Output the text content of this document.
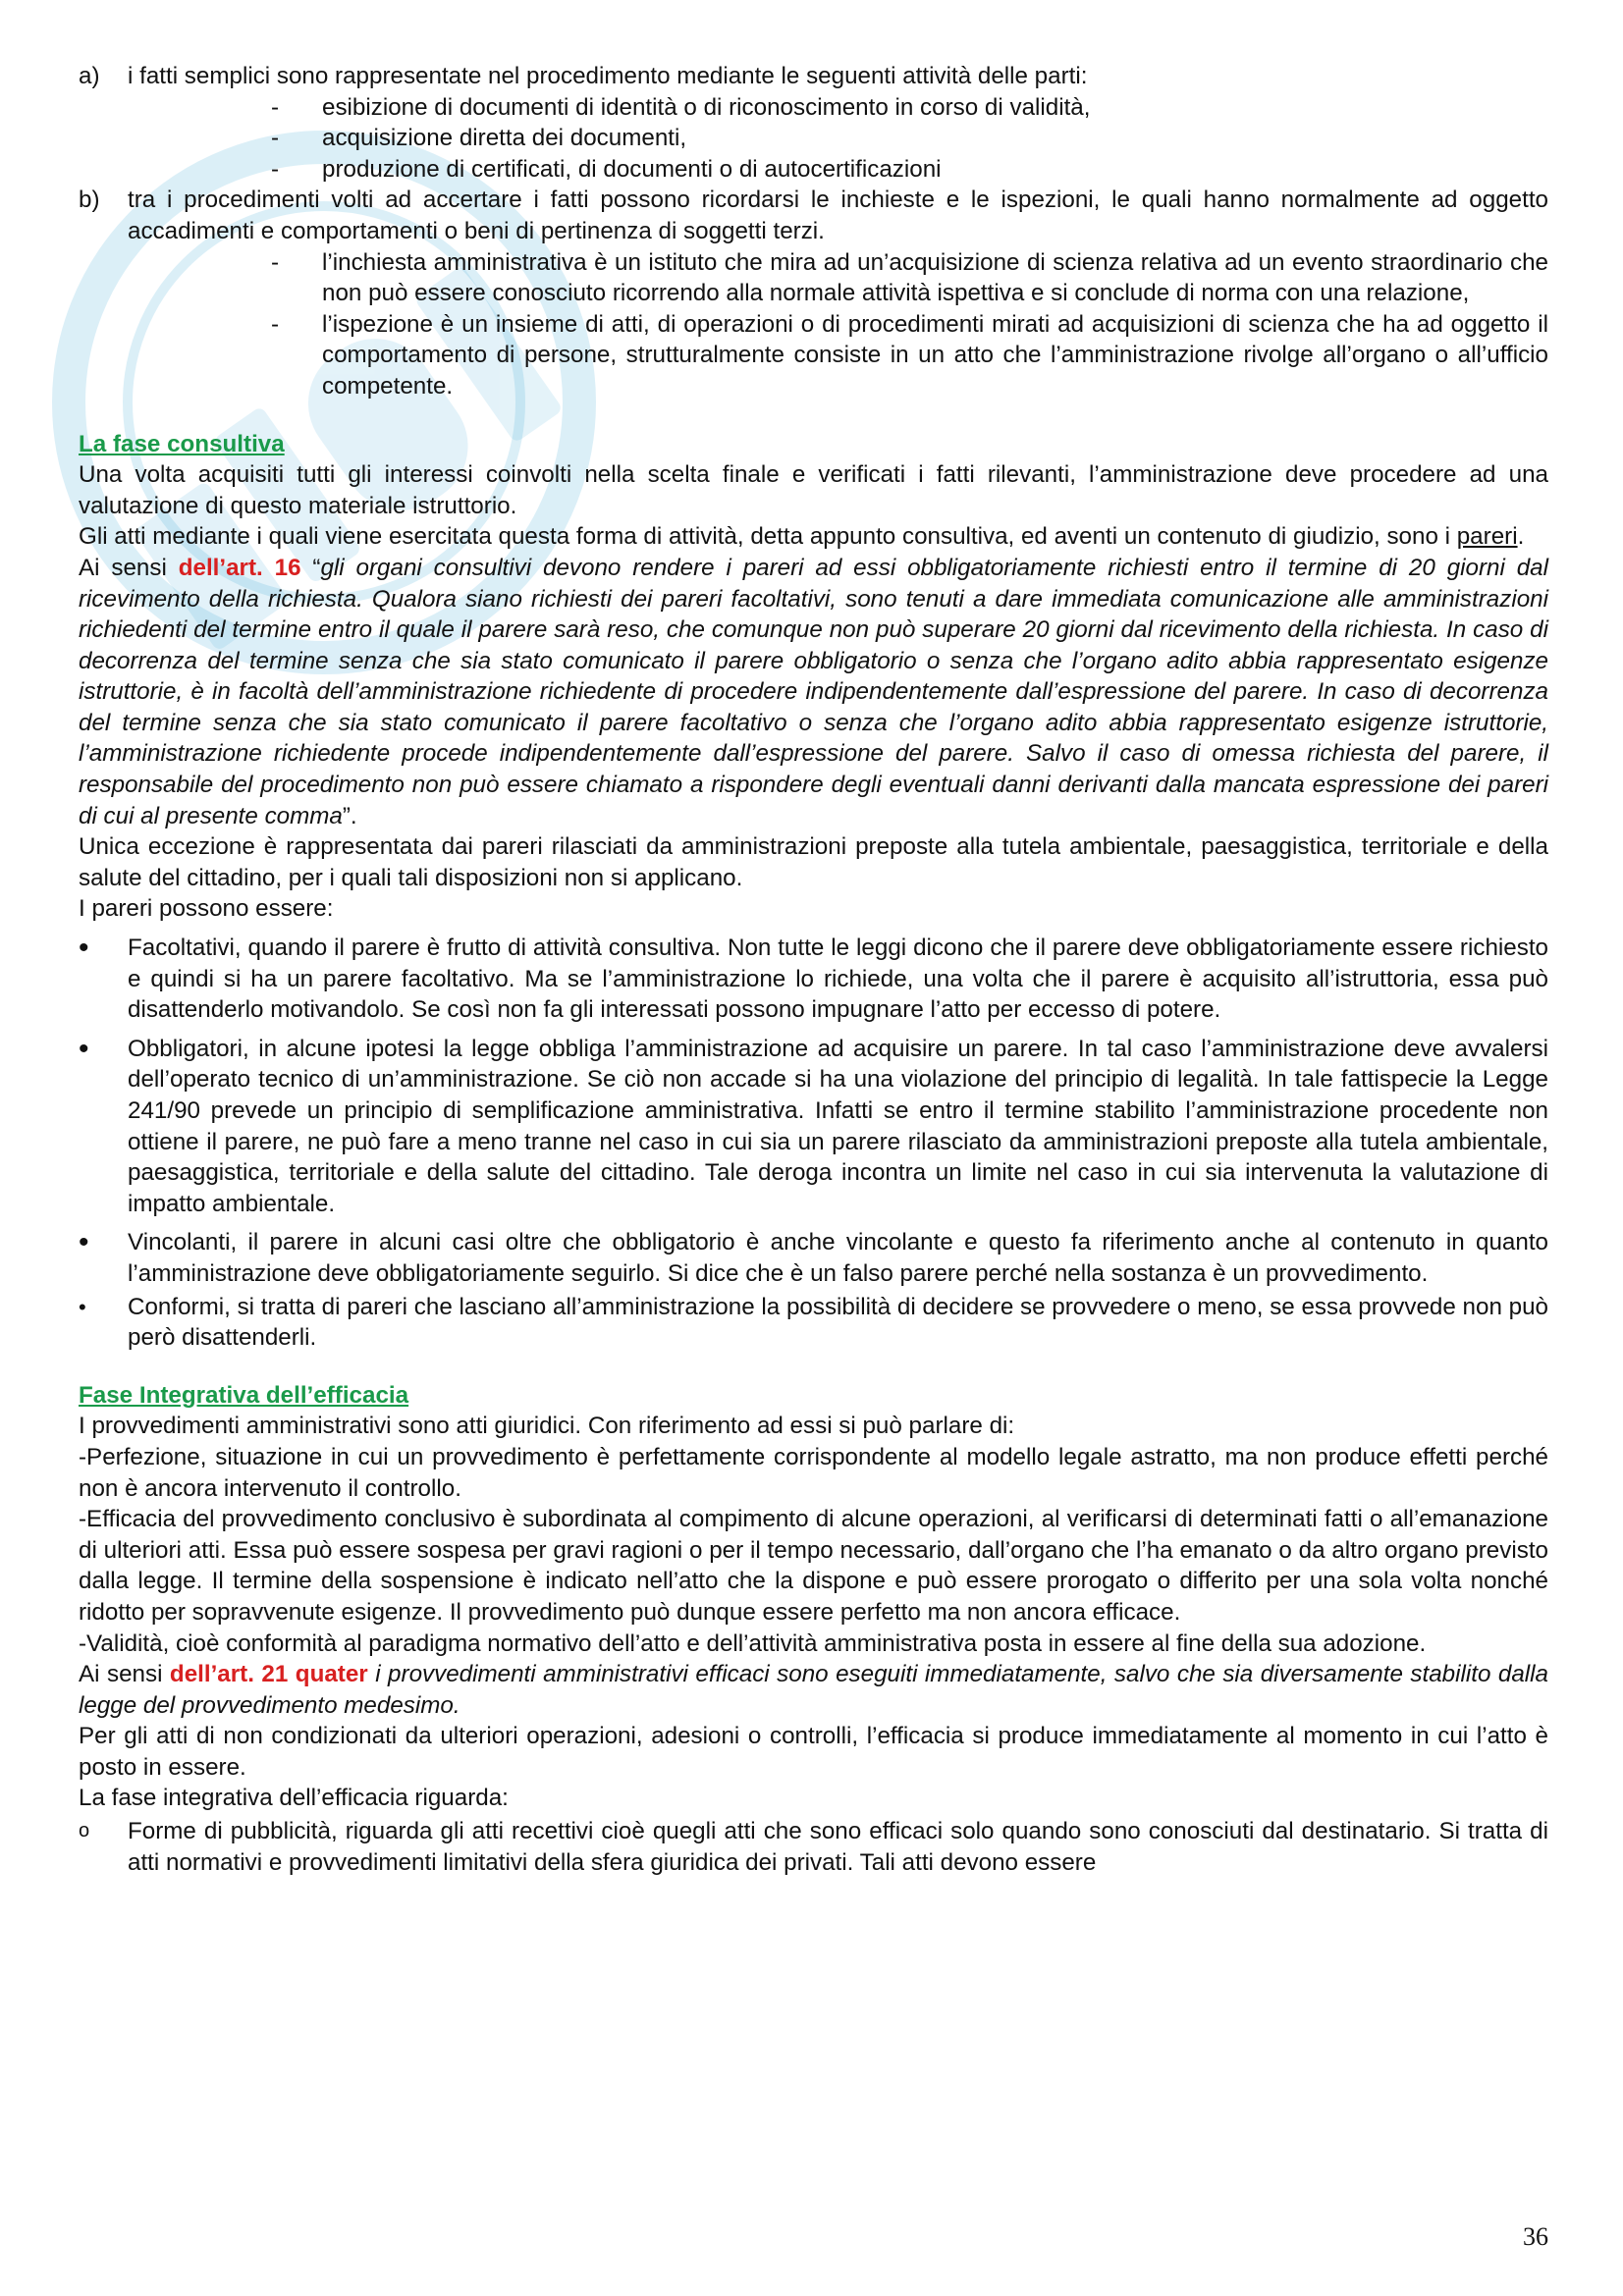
a)	i fatti semplici sono rappresentate nel procedimento mediante le seguenti attività delle parti:
-	esibizione di documenti di identità o di riconoscimento in corso di validità,
-	acquisizione diretta dei documenti,
-	produzione di certificati, di documenti o di autocertificazioni
b)	tra i procedimenti volti ad accertare i fatti possono ricordarsi le inchieste e le ispezioni, le quali hanno normalmente ad oggetto accadimenti e comportamenti o beni di pertinenza di soggetti terzi.
-	l’inchiesta amministrativa è un istituto che mira ad un’acquisizione di scienza relativa ad un evento straordinario che non può essere conosciuto ricorrendo alla normale attività ispettiva e si conclude di norma con una relazione,
-	l’ispezione è un insieme di atti, di operazioni o di procedimenti mirati ad acquisizioni di scienza che ha ad oggetto il comportamento di persone, strutturalmente consiste in un atto che l’amministrazione rivolge all’organo o all’ufficio competente.

La fase consultiva

Una volta acquisiti tutti gli interessi coinvolti nella scelta finale e verificati i fatti rilevanti, l’amministrazione deve procedere ad una valutazione di questo materiale istruttorio.

Gli atti mediante i quali viene esercitata questa forma di attività, detta appunto consultiva, ed aventi un contenuto di giudizio, sono i pareri.

Ai sensi dell’art. 16 “gli organi consultivi devono rendere i pareri ad essi obbligatoriamente richiesti entro il termine di 20 giorni dal ricevimento della richiesta. Qualora siano richiesti dei pareri facoltativi, sono tenuti a dare immediata comunicazione alle amministrazioni richiedenti del termine entro il quale il parere sarà reso, che comunque non può superare 20 giorni dal ricevimento della richiesta. In caso di decorrenza del termine senza che sia stato comunicato il parere obbligatorio o senza che l’organo adito abbia rappresentato esigenze istruttorie, è in facoltà dell’amministrazione richiedente di procedere indipendentemente dall’espressione del parere. In caso di decorrenza del termine senza che sia stato comunicato il parere facoltativo o senza che l’organo adito abbia rappresentato esigenze istruttorie, l’amministrazione richiedente procede indipendentemente dall’espressione del parere. Salvo il caso di omessa richiesta del parere, il responsabile del procedimento non può essere chiamato a rispondere degli eventuali danni derivanti dalla mancata espressione dei pareri di cui al presente comma”.

Unica eccezione è rappresentata dai pareri rilasciati da amministrazioni preposte alla tutela ambientale, paesaggistica, territoriale e della salute del cittadino, per i quali tali disposizioni non si applicano.

I pareri possono essere:

•	Facoltativi, quando il parere è frutto di attività consultiva. Non tutte le leggi dicono che il parere deve obbligatoriamente essere richiesto e quindi si ha un parere facoltativo. Ma se l’amministrazione lo richiede, una volta che il parere è acquisito all’istruttoria, essa può disattenderlo motivandolo. Se così non fa gli interessati possono impugnare l’atto per eccesso di potere.
•	Obbligatori, in alcune ipotesi la legge obbliga l’amministrazione ad acquisire un parere. In tal caso l’amministrazione deve avvalersi dell’operato tecnico di un’amministrazione. Se ciò non accade si ha una violazione del principio di legalità. In tale fattispecie la Legge 241/90 prevede un principio di semplificazione amministrativa. Infatti se entro il termine stabilito l’amministrazione procedente non ottiene il parere, ne può fare a meno tranne nel caso in cui sia un parere rilasciato da amministrazioni preposte alla tutela ambientale, paesaggistica, territoriale e della salute del cittadino. Tale deroga incontra un limite nel caso in cui sia intervenuta la valutazione di impatto ambientale.
•	Vincolanti, il parere in alcuni casi oltre che obbligatorio è anche vincolante e questo fa riferimento anche al contenuto in quanto l’amministrazione deve obbligatoriamente seguirlo. Si dice che è un falso parere perché nella sostanza è un provvedimento.
•	Conformi, si tratta di pareri che lasciano all’amministrazione la possibilità di decidere se provvedere o meno, se essa provvede non può però disattenderli.

Fase Integrativa dell’efficacia

I provvedimenti amministrativi sono atti giuridici. Con riferimento ad essi si può parlare di:

-Perfezione, situazione in cui un provvedimento è perfettamente corrispondente al modello legale astratto, ma non produce effetti perché non è ancora intervenuto il controllo.

-Efficacia del provvedimento conclusivo è subordinata al compimento di alcune operazioni, al verificarsi di determinati fatti o all’emanazione di ulteriori atti. Essa può essere sospesa per gravi ragioni o per il tempo necessario, dall’organo che l’ha emanato o da altro organo previsto dalla legge. Il termine della sospensione è indicato nell’atto che la dispone e può essere prorogato o differito per una sola volta nonché ridotto per sopravvenute esigenze. Il provvedimento può dunque essere perfetto ma non ancora efficace.

-Validità, cioè conformità al paradigma normativo dell’atto e dell’attività amministrativa posta in essere al fine della sua adozione.

Ai sensi dell’art. 21 quater i provvedimenti amministrativi efficaci sono eseguiti immediatamente, salvo che sia diversamente stabilito dalla legge del provvedimento medesimo.

Per gli atti di non condizionati da ulteriori operazioni, adesioni o controlli, l’efficacia si produce immediatamente al momento in cui l’atto è posto in essere.

La fase integrativa dell’efficacia riguarda:

o	Forme di pubblicità, riguarda gli atti recettivi cioè quegli atti che sono efficaci solo quando sono conosciuti dal destinatario. Si tratta di atti normativi e provvedimenti limitativi della sfera giuridica dei privati. Tali atti devono essere
36
